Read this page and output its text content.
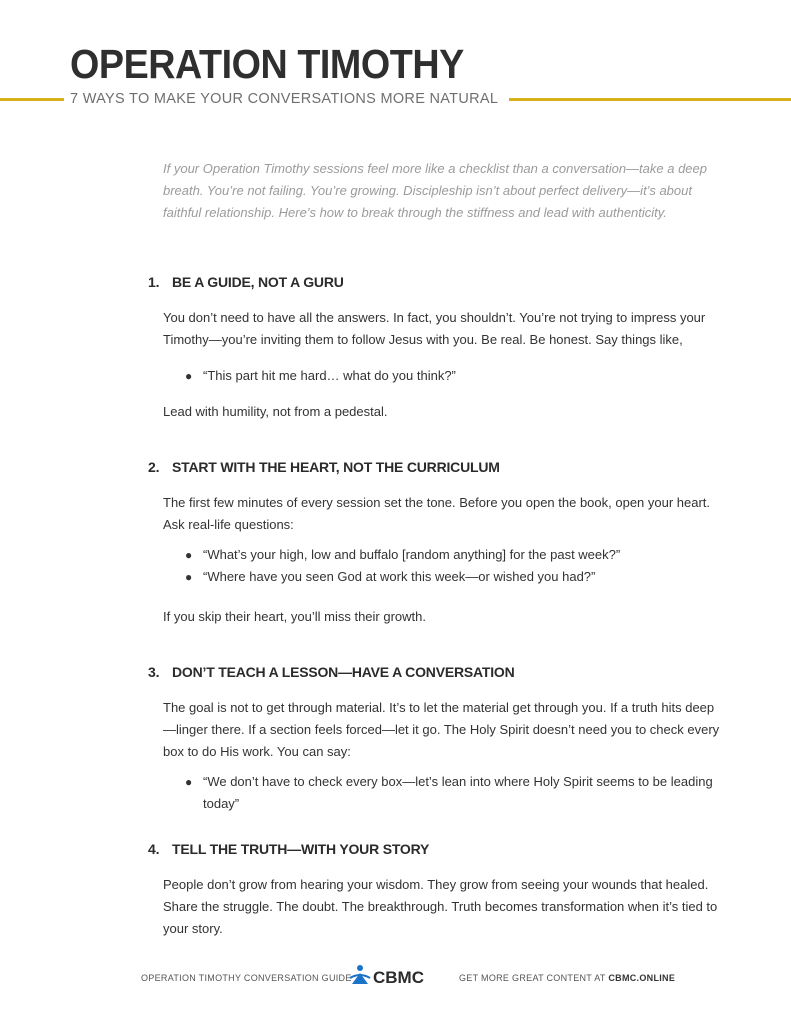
OPERATION TIMOTHY
7 WAYS TO MAKE YOUR CONVERSATIONS MORE NATURAL

If your Operation Timothy sessions feel more like a checklist than a conversation—take a deep breath. You’re not failing. You’re growing. Discipleship isn’t about perfect delivery—it’s about faithful relationship. Here’s how to break through the stiffness and lead with authenticity.

1. BE A GUIDE, NOT A GURU

You don’t need to have all the answers. In fact, you shouldn’t. You’re not trying to impress your Timothy—you’re inviting them to follow Jesus with you. Be real. Be honest. Say things like,

● “This part hit me hard… what do you think?”

Lead with humility, not from a pedestal.

2. START WITH THE HEART, NOT THE CURRICULUM

The first few minutes of every session set the tone. Before you open the book, open your heart. Ask real-life questions:

● “What’s your high, low and buffalo [random anything] for the past week?”
● “Where have you seen God at work this week—or wished you had?”

If you skip their heart, you’ll miss their growth.

3. DON’T TEACH A LESSON—HAVE A CONVERSATION

The goal is not to get through material. It’s to let the material get through you. If a truth hits deep—linger there. If a section feels forced—let it go. The Holy Spirit doesn’t need you to check every box to do His work. You can say:

● “We don’t have to check every box—let’s lean into where Holy Spirit seems to be leading today”
4. TELL THE TRUTH—WITH YOUR STORY

People don’t grow from hearing your wisdom. They grow from seeing your wounds that healed. Share the struggle. The doubt. The breakthrough. Truth becomes transformation when it’s tied to your story.

OPERATION TIMOTHY CONVERSATION GUIDE	GET MORE GREAT CONTENT AT CBMC.ONLINE
CBMC
